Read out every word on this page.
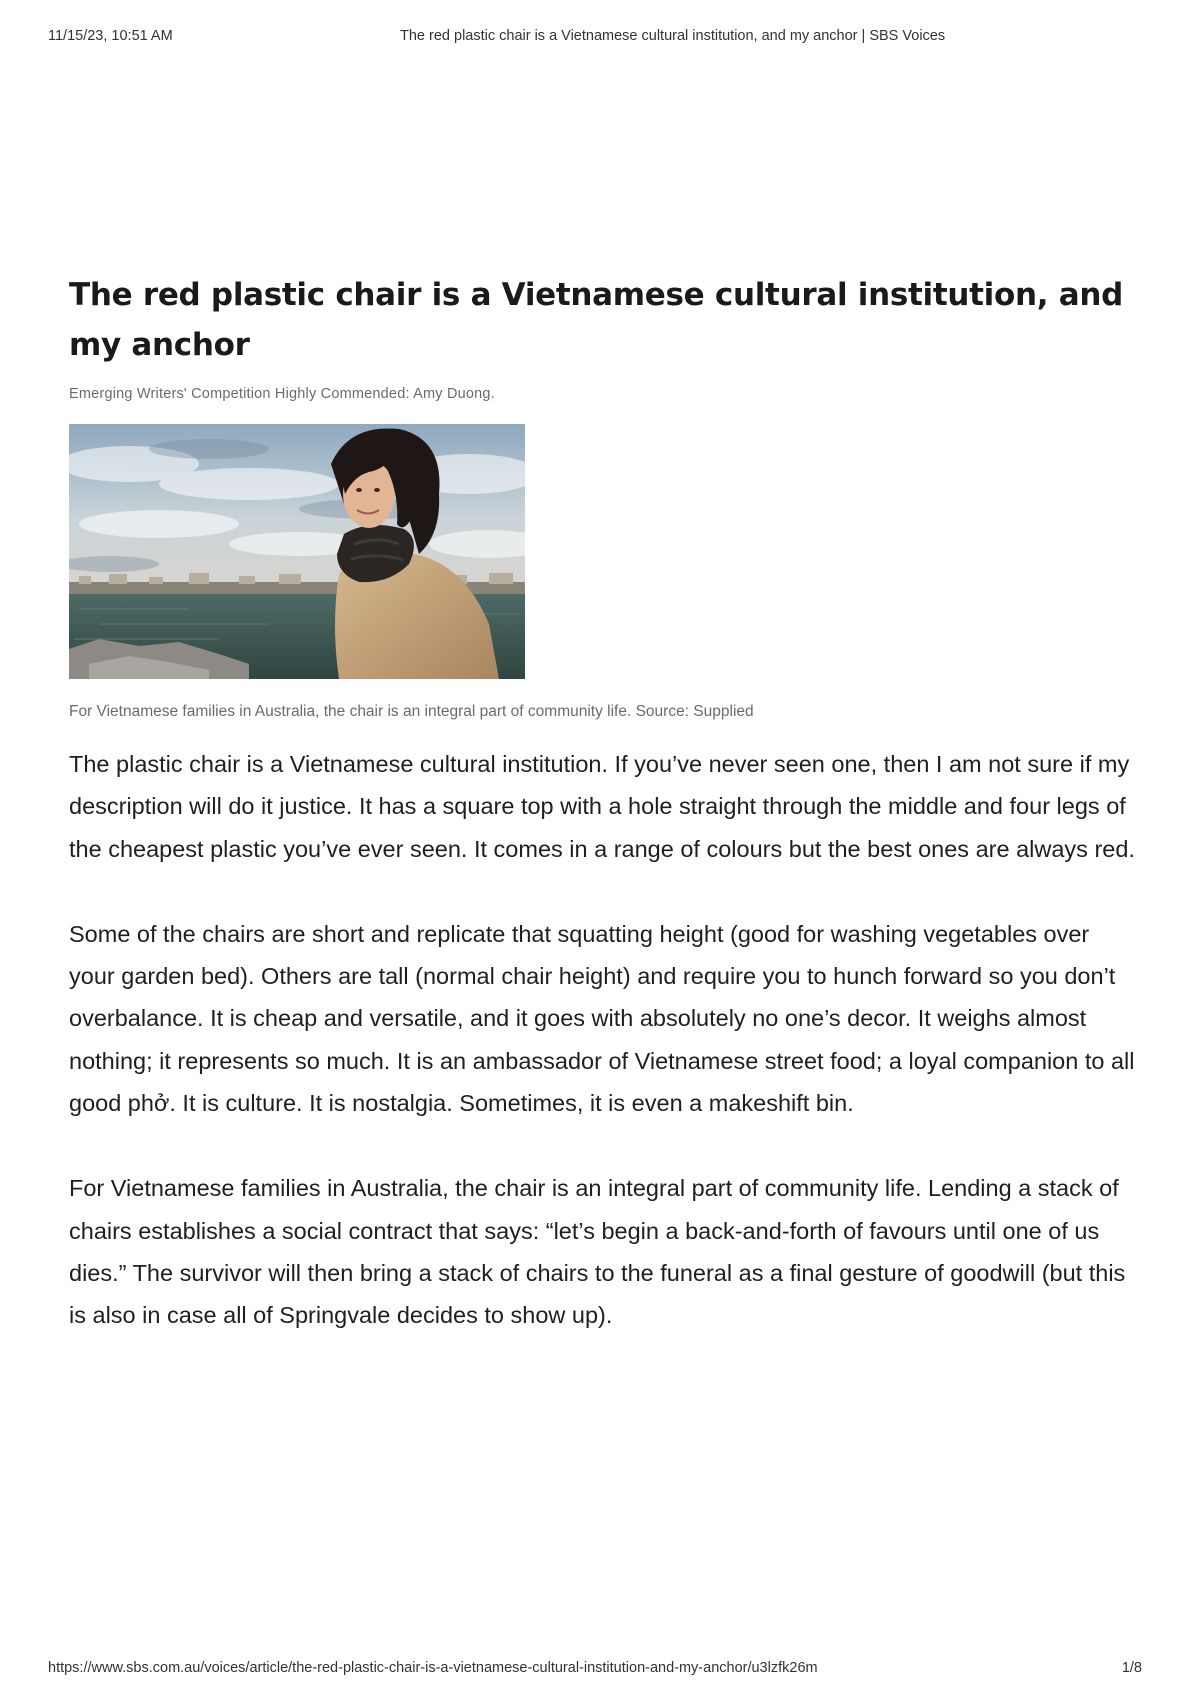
11/15/23, 10:51 AM	The red plastic chair is a Vietnamese cultural institution, and my anchor | SBS Voices
The red plastic chair is a Vietnamese cultural institution, and my anchor
Emerging Writers' Competition Highly Commended: Amy Duong.

For Vietnamese families in Australia, the chair is an integral part of community life. Source: Supplied

The plastic chair is a Vietnamese cultural institution. If you’ve never seen one, then I am not sure if my description will do it justice. It has a square top with a hole straight through the middle and four legs of the cheapest plastic you’ve ever seen. It comes in a range of colours but the best ones are always red.

Some of the chairs are short and replicate that squatting height (good for washing vegetables over your garden bed). Others are tall (normal chair height) and require you to hunch forward so you don’t overbalance. It is cheap and versatile, and it goes with absolutely no one’s decor. It weighs almost nothing; it represents so much. It is an ambassador of Vietnamese street food; a loyal companion to all good phở. It is culture. It is nostalgia. Sometimes, it is even a makeshift bin.

For Vietnamese families in Australia, the chair is an integral part of community life. Lending a stack of chairs establishes a social contract that says: “let’s begin a back-and-forth of favours until one of us dies.” The survivor will then bring a stack of chairs to the funeral as a final gesture of goodwill (but this is also in case all of Springvale decides to show up).

https://www.sbs.com.au/voices/article/the-red-plastic-chair-is-a-vietnamese-cultural-institution-and-my-anchor/u3lzfk26m	1/8
